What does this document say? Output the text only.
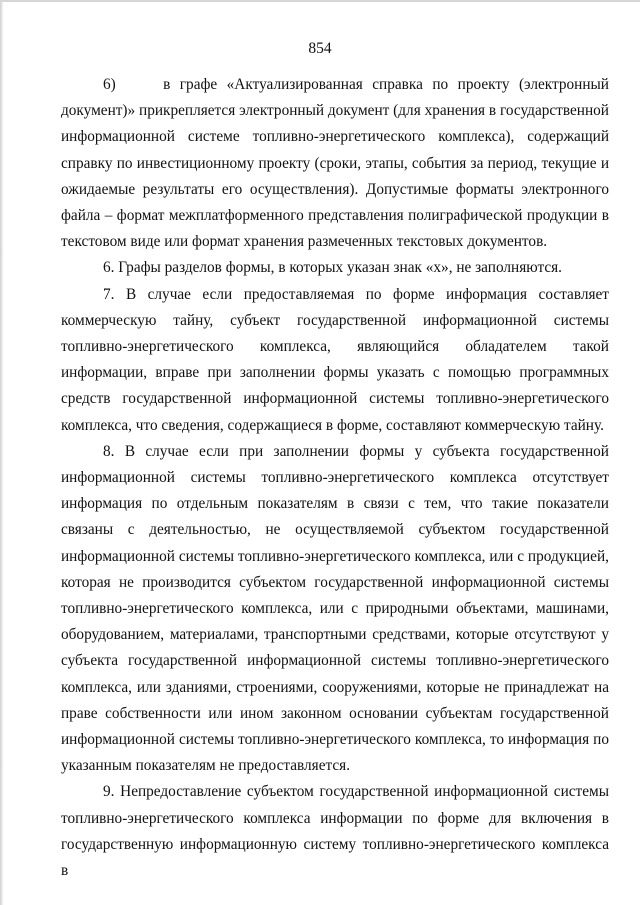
854

6)     в графе «Актуализированная справка по проекту (электронный документ)» прикрепляется электронный документ (для хранения в государственной информационной системе топливно-энергетического комплекса), содержащий справку по инвестиционному проекту (сроки, этапы, события за период, текущие и ожидаемые результаты его осуществления). Допустимые форматы электронного файла – формат межплатформенного представления полиграфической продукции в текстовом виде или формат хранения размеченных текстовых документов.

6. Графы разделов формы, в которых указан знак «х», не заполняются.

7. В случае если предоставляемая по форме информация составляет коммерческую тайну, субъект государственной информационной системы топливно-энергетического комплекса, являющийся обладателем такой информации, вправе при заполнении формы указать с помощью программных средств государственной информационной системы топливно-энергетического комплекса, что сведения, содержащиеся в форме, составляют коммерческую тайну.

8. В случае если при заполнении формы у субъекта государственной информационной системы топливно-энергетического комплекса отсутствует информация по отдельным показателям в связи с тем, что такие показатели связаны с деятельностью, не осуществляемой субъектом государственной информационной системы топливно-энергетического комплекса, или с продукцией, которая не производится субъектом государственной информационной системы топливно-энергетического комплекса, или с природными объектами, машинами, оборудованием, материалами, транспортными средствами, которые отсутствуют у субъекта государственной информационной системы топливно-энергетического комплекса, или зданиями, строениями, сооружениями, которые не принадлежат на праве собственности или ином законном основании субъектам государственной информационной системы топливно-энергетического комплекса, то информация по указанным показателям не предоставляется.

9. Непредоставление субъектом государственной информационной системы топливно-энергетического комплекса информации по форме для включения в государственную информационную систему топливно-энергетического комплекса в
